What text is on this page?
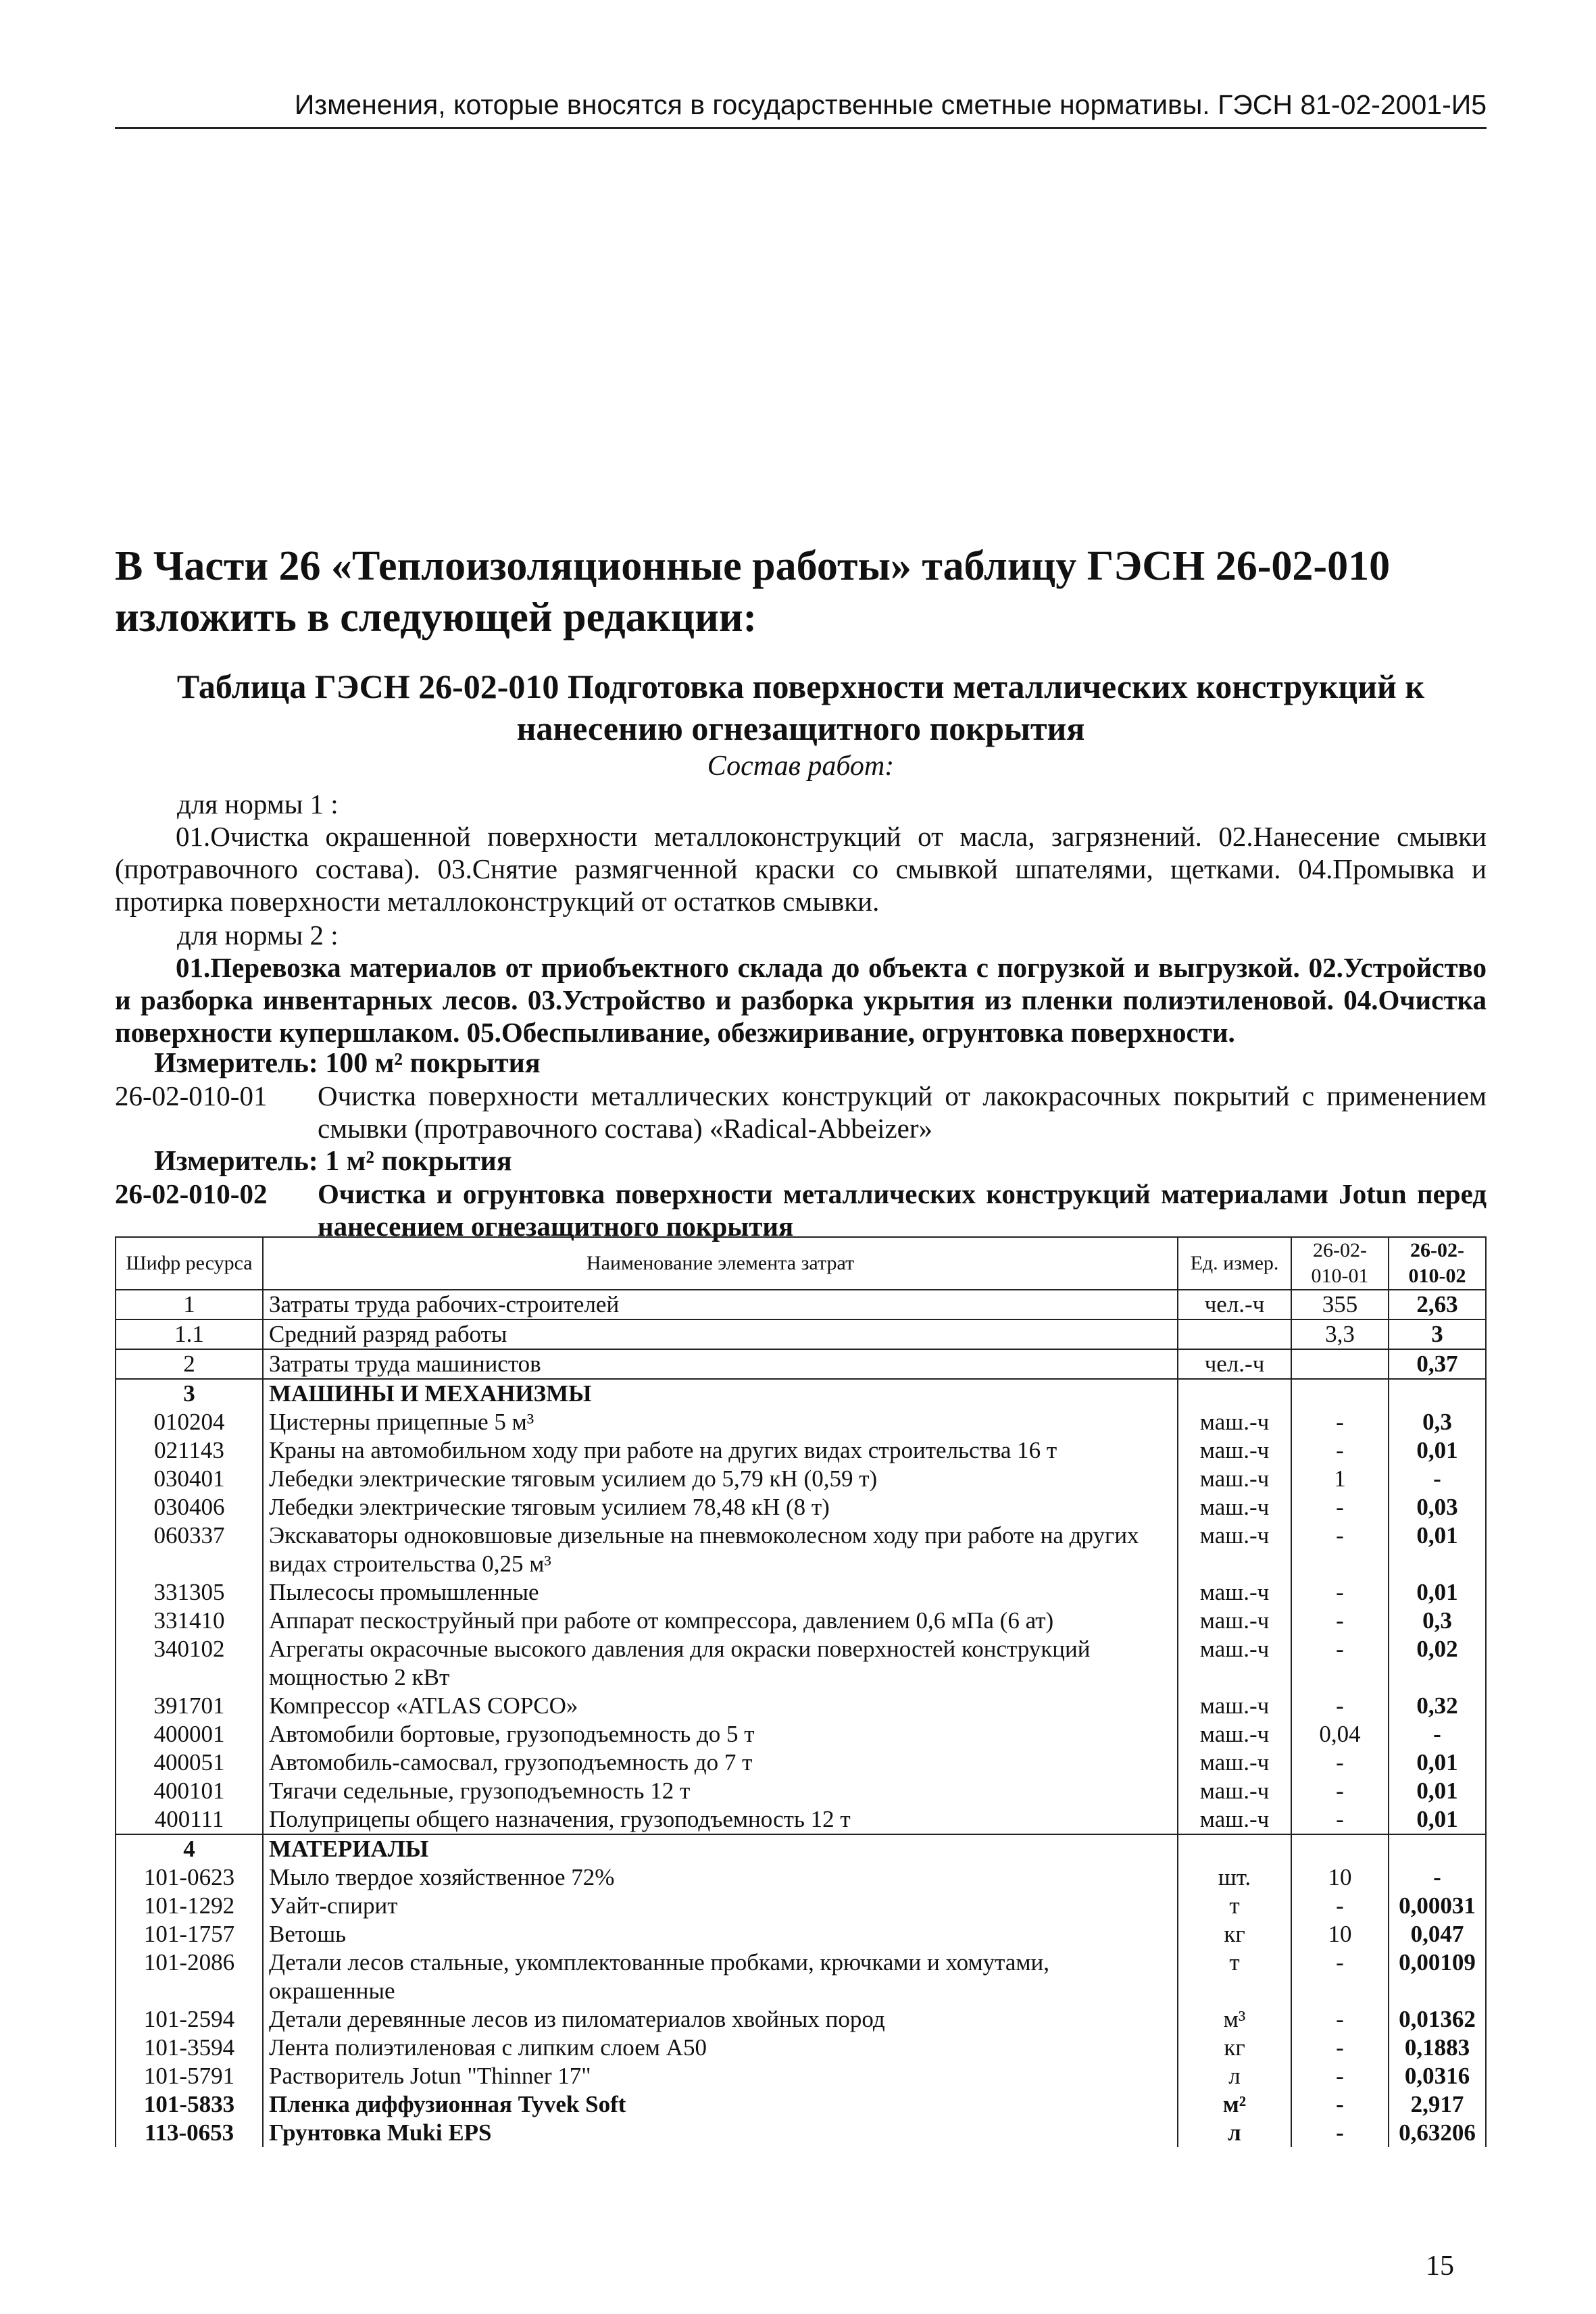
Изменения, которые вносятся в государственные сметные нормативы. ГЭСН 81-02-2001-И5
В Части 26 «Теплоизоляционные работы» таблицу ГЭСН 26-02-010 изложить в следующей редакции:
Таблица ГЭСН 26-02-010 Подготовка поверхности металлических конструкций к нанесению огнезащитного покрытия
Состав работ:
для нормы 1 :
01.Очистка окрашенной поверхности металлоконструкций от масла, загрязнений. 02.Нанесение смывки (протравочного состава). 03.Снятие размягченной краски со смывкой шпателями, щетками. 04.Промывка и протирка поверхности металлоконструкций от остатков смывки.
для нормы 2 :
01.Перевозка материалов от приобъектного склада до объекта с погрузкой и выгрузкой. 02.Устройство и разборка инвентарных лесов. 03.Устройство и разборка укрытия из пленки полиэтиленовой. 04.Очистка поверхности купершлаком. 05.Обеспыливание, обезжиривание, огрунтовка поверхности.
Измеритель: 100 м² покрытия
26-02-010-01	Очистка поверхности металлических конструкций от лакокрасочных покрытий с применением смывки (протравочного состава) «Radical-Abbeizer»
Измеритель: 1 м² покрытия
26-02-010-02	Очистка и огрунтовка поверхности металлических конструкций материалами Jotun перед нанесением огнезащитного покрытия
Шифр ресурса	Наименование элемента затрат	Ед. измер.	26-02-010-01	26-02-010-02
1	Затраты труда рабочих-строителей	чел.-ч	355	2,63
1.1	Средний разряд работы		3,3	3
2	Затраты труда машинистов	чел.-ч		0,37
3	МАШИНЫ И МЕХАНИЗМЫ			
010204	Цистерны прицепные 5 м³	маш.-ч	-	0,3
021143	Краны на автомобильном ходу при работе на других видах строительства 16 т	маш.-ч	-	0,01
030401	Лебедки электрические тяговым усилием до 5,79 кН (0,59 т)	маш.-ч	1	-
030406	Лебедки электрические тяговым усилием 78,48 кН (8 т)	маш.-ч	-	0,03
060337	Экскаваторы одноковшовые дизельные на пневмоколесном ходу при работе на других видах строительства 0,25 м³	маш.-ч	-	0,01
331305	Пылесосы промышленные	маш.-ч	-	0,01
331410	Аппарат пескоструйный при работе от компрессора, давлением 0,6 мПа (6 ат)	маш.-ч	-	0,3
340102	Агрегаты окрасочные высокого давления для окраски поверхностей конструкций мощностью 2 кВт	маш.-ч	-	0,02
391701	Компрессор «ATLAS COPCO»	маш.-ч	-	0,32
400001	Автомобили бортовые, грузоподъемность до 5 т	маш.-ч	0,04	-
400051	Автомобиль-самосвал, грузоподъемность до 7 т	маш.-ч	-	0,01
400101	Тягачи седельные, грузоподъемность 12 т	маш.-ч	-	0,01
400111	Полуприцепы общего назначения, грузоподъемность 12 т	маш.-ч	-	0,01
4	МАТЕРИАЛЫ			
101-0623	Мыло твердое хозяйственное 72%	шт.	10	-
101-1292	Уайт-спирит	т	-	0,00031
101-1757	Ветошь	кг	10	0,047
101-2086	Детали лесов стальные, укомплектованные пробками, крючками и хомутами, окрашенные	т	-	0,00109
101-2594	Детали деревянные лесов из пиломатериалов хвойных пород	м³	-	0,01362
101-3594	Лента полиэтиленовая с липким слоем А50	кг	-	0,1883
101-5791	Растворитель Jotun "Thinner 17"	л	-	0,0316
101-5833	Пленка диффузионная Tyvek Soft	м²	-	2,917
113-0653	Грунтовка Muki EPS	л	-	0,63206
15
